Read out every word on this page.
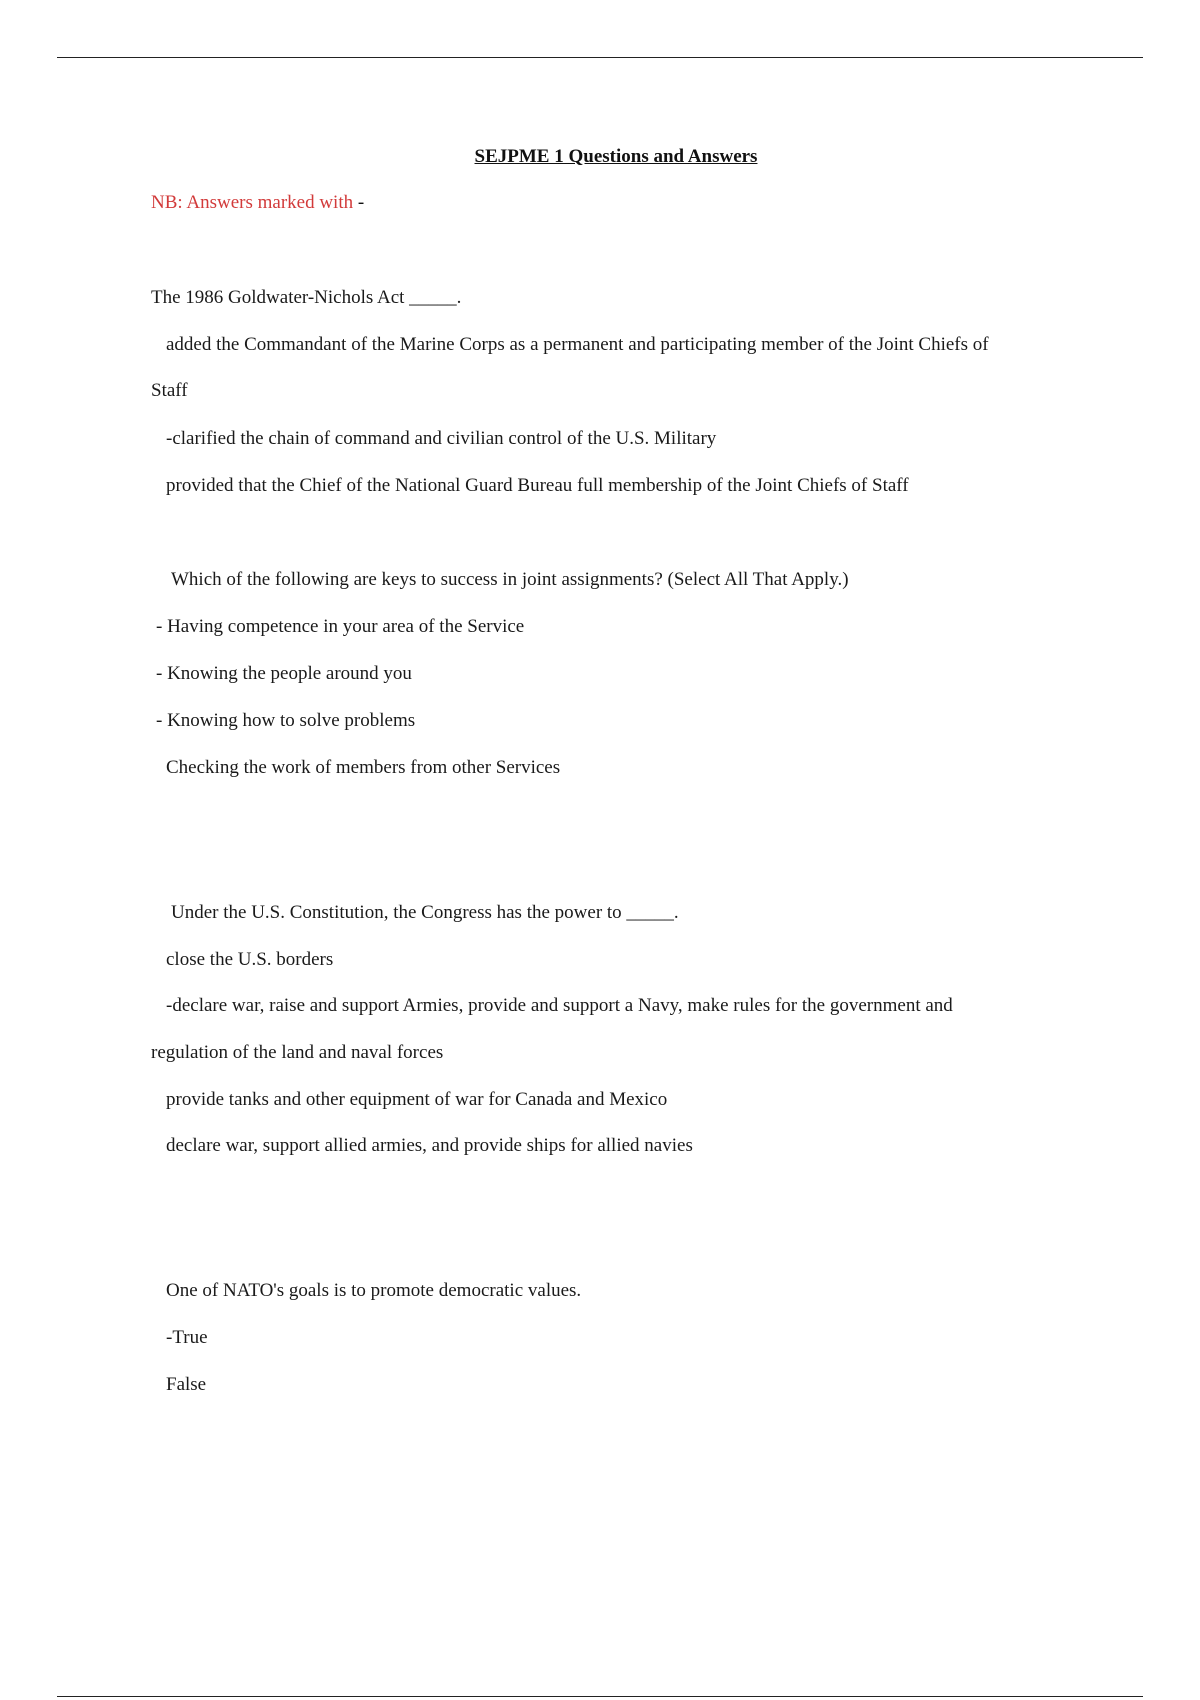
SEJPME 1 Questions and Answers
NB: Answers marked with -
The 1986 Goldwater-Nichols Act _____.
added the Commandant of the Marine Corps as a permanent and participating member of the Joint Chiefs of
Staff
-clarified the chain of command and civilian control of the U.S. Military
provided that the Chief of the National Guard Bureau full membership of the Joint Chiefs of Staff
Which of the following are keys to success in joint assignments? (Select All That Apply.)
- Having competence in your area of the Service
- Knowing the people around you
- Knowing how to solve problems
Checking the work of members from other Services
Under the U.S. Constitution, the Congress has the power to _____.
close the U.S. borders
-declare war, raise and support Armies, provide and support a Navy, make rules for the government and
regulation of the land and naval forces
provide tanks and other equipment of war for Canada and Mexico
declare war, support allied armies, and provide ships for allied navies
One of NATO's goals is to promote democratic values.
-True
False
